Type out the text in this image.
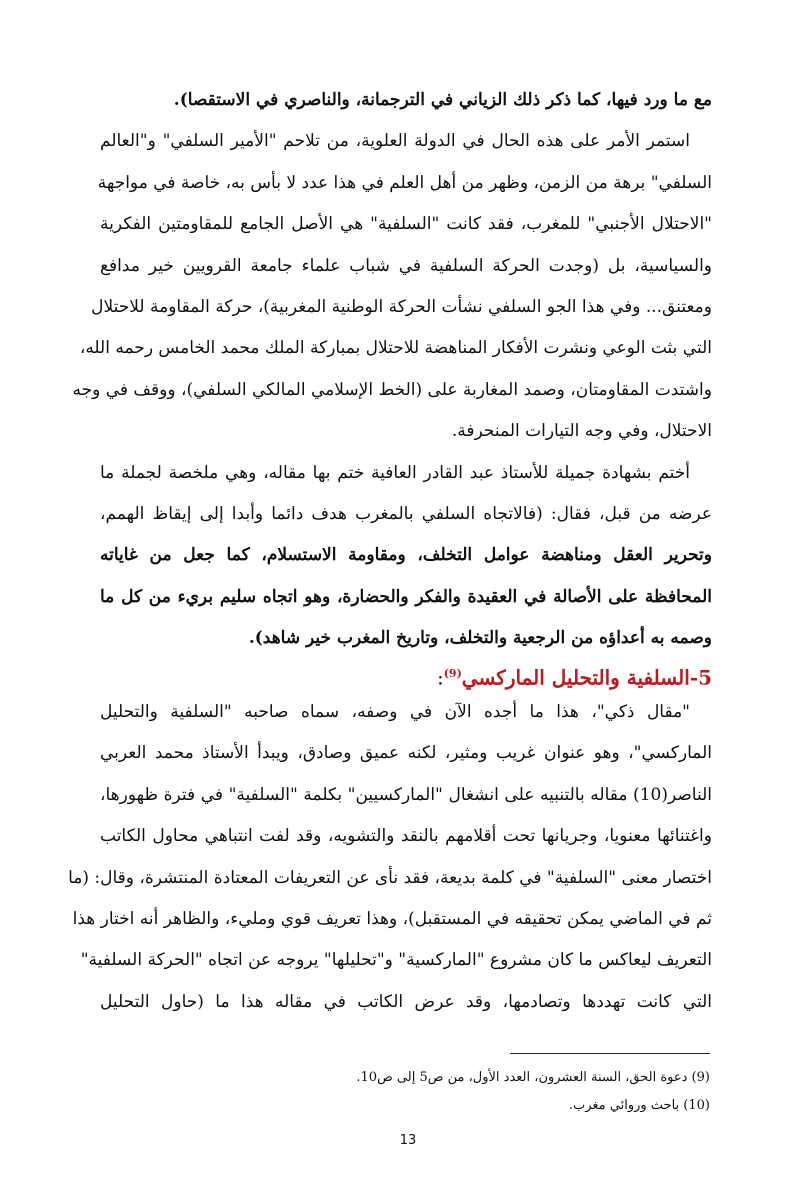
مع ما ورد فيها، كما ذكر ذلك الزياني في الترجمانة، والناصري في الاستقصا).
استمر الأمر على هذه الحال في الدولة العلوية، من تلاحم "الأمير السلفي" و"العالم
السلفي" برهة من الزمن، وظهر من أهل العلم في هذا عدد لا بأس به، خاصة في مواجهة
"الاحتلال الأجنبي" للمغرب، فقد كانت "السلفية" هي الأصل الجامع للمقاومتين الفكرية
والسياسية، بل (وجدت الحركة السلفية في شباب علماء جامعة القرويين خير مدافع
ومعتنق... وفي هذا الجو السلفي نشأت الحركة الوطنية المغربية)، حركة المقاومة للاحتلال
التي بثت الوعي ونشرت الأفكار المناهضة للاحتلال بمباركة الملك محمد الخامس رحمه الله،
واشتدت المقاومتان، وصمد المغاربة على (الخط الإسلامي المالكي السلفي)، ووقف في وجه
الاحتلال، وفي وجه التيارات المنحرفة.
أختم بشهادة جميلة للأستاذ عبد القادر العافية ختم بها مقاله، وهي ملخصة لجملة ما
عرضه من قبل، فقال: (فالاتجاه السلفي بالمغرب هدف دائما وأبدا إلى إيقاظ الهمم،
وتحرير العقل ومناهضة عوامل التخلف، ومقاومة الاستسلام، كما جعل من غاياته
المحافظة على الأصالة في العقيدة والفكر والحضارة، وهو اتجاه سليم بريء من كل ما
وصمه به أعداؤه من الرجعية والتخلف، وتاريخ المغرب خير شاهد).
5-السلفية والتحليل الماركسي$^{(9)}$:
"مقال ذكي"، هذا ما أجده الآن في وصفه، سماه صاحبه "السلفية والتحليل
الماركسي"، وهو عنوان غريب ومثير، لكنه عميق وصادق، ويبدأ الأستاذ محمد العربي
الناصر(10) مقاله بالتنبيه على انشغال "الماركسيين" بكلمة "السلفية" في فترة ظهورها،
واغتنائها معنويا، وجريانها تحت أقلامهم بالنقد والتشويه، وقد لفت انتباهي محاول الكاتب
اختصار معنى "السلفية" في كلمة بديعة، فقد نأى عن التعريفات المعتادة المنتشرة، وقال: (ما
ثم في الماضي يمكن تحقيقه في المستقبل)، وهذا تعريف قوي ومليء، والظاهر أنه اختار هذا
التعريف ليعاكس ما كان مشروع "الماركسية" و"تحليلها" يروجه عن اتجاه "الحركة السلفية"
التي كانت تهددها وتصادمها، وقد عرض الكاتب في مقاله هذا ما (حاول التحليل
(9) دعوة الحق، السنة العشرون، العدد الأول، من ص5 إلى ص10.
(10) باحث وروائي مغرب.
13
